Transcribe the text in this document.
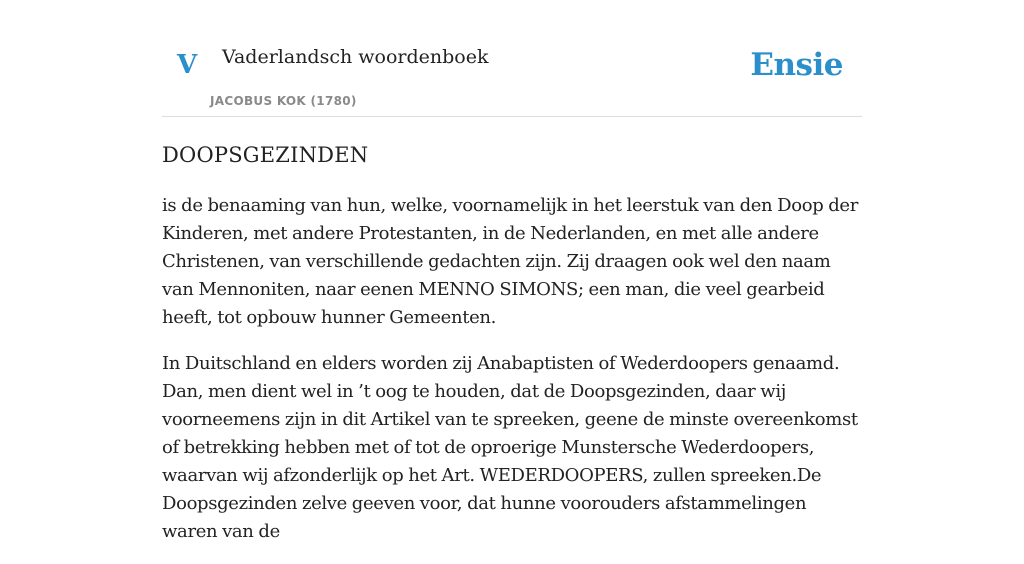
V Vaderlandsch woordenboek
JACOBUS KOK (1780)
Ensie
DOOPSGEZINDEN

is de benaaming van hun, welke, voornamelijk in het leerstuk van den Doop der Kinderen, met andere Protestanten, in de Nederlanden, en met alle andere Christenen, van verschillende gedachten zijn. Zij draagen ook wel den naam van Mennoniten, naar eenen MENNO SIMONS; een man, die veel gearbeid heeft, tot opbouw hunner Gemeenten.

In Duitschland en elders worden zij Anabaptisten of Wederdoopers genaamd. Dan, men dient wel in ’t oog te houden, dat de Doopsgezinden, daar wij voorneemens zijn in dit Artikel van te spreeken, geene de minste overeenkomst of betrekking hebben met of tot de oproerige Munstersche Wederdoopers, waarvan wij afzonderlijk op het Art. WEDERDOOPERS, zullen spreeken.De Doopsgezinden zelve geeven voor, dat hunne voorouders afstammelingen waren van de
